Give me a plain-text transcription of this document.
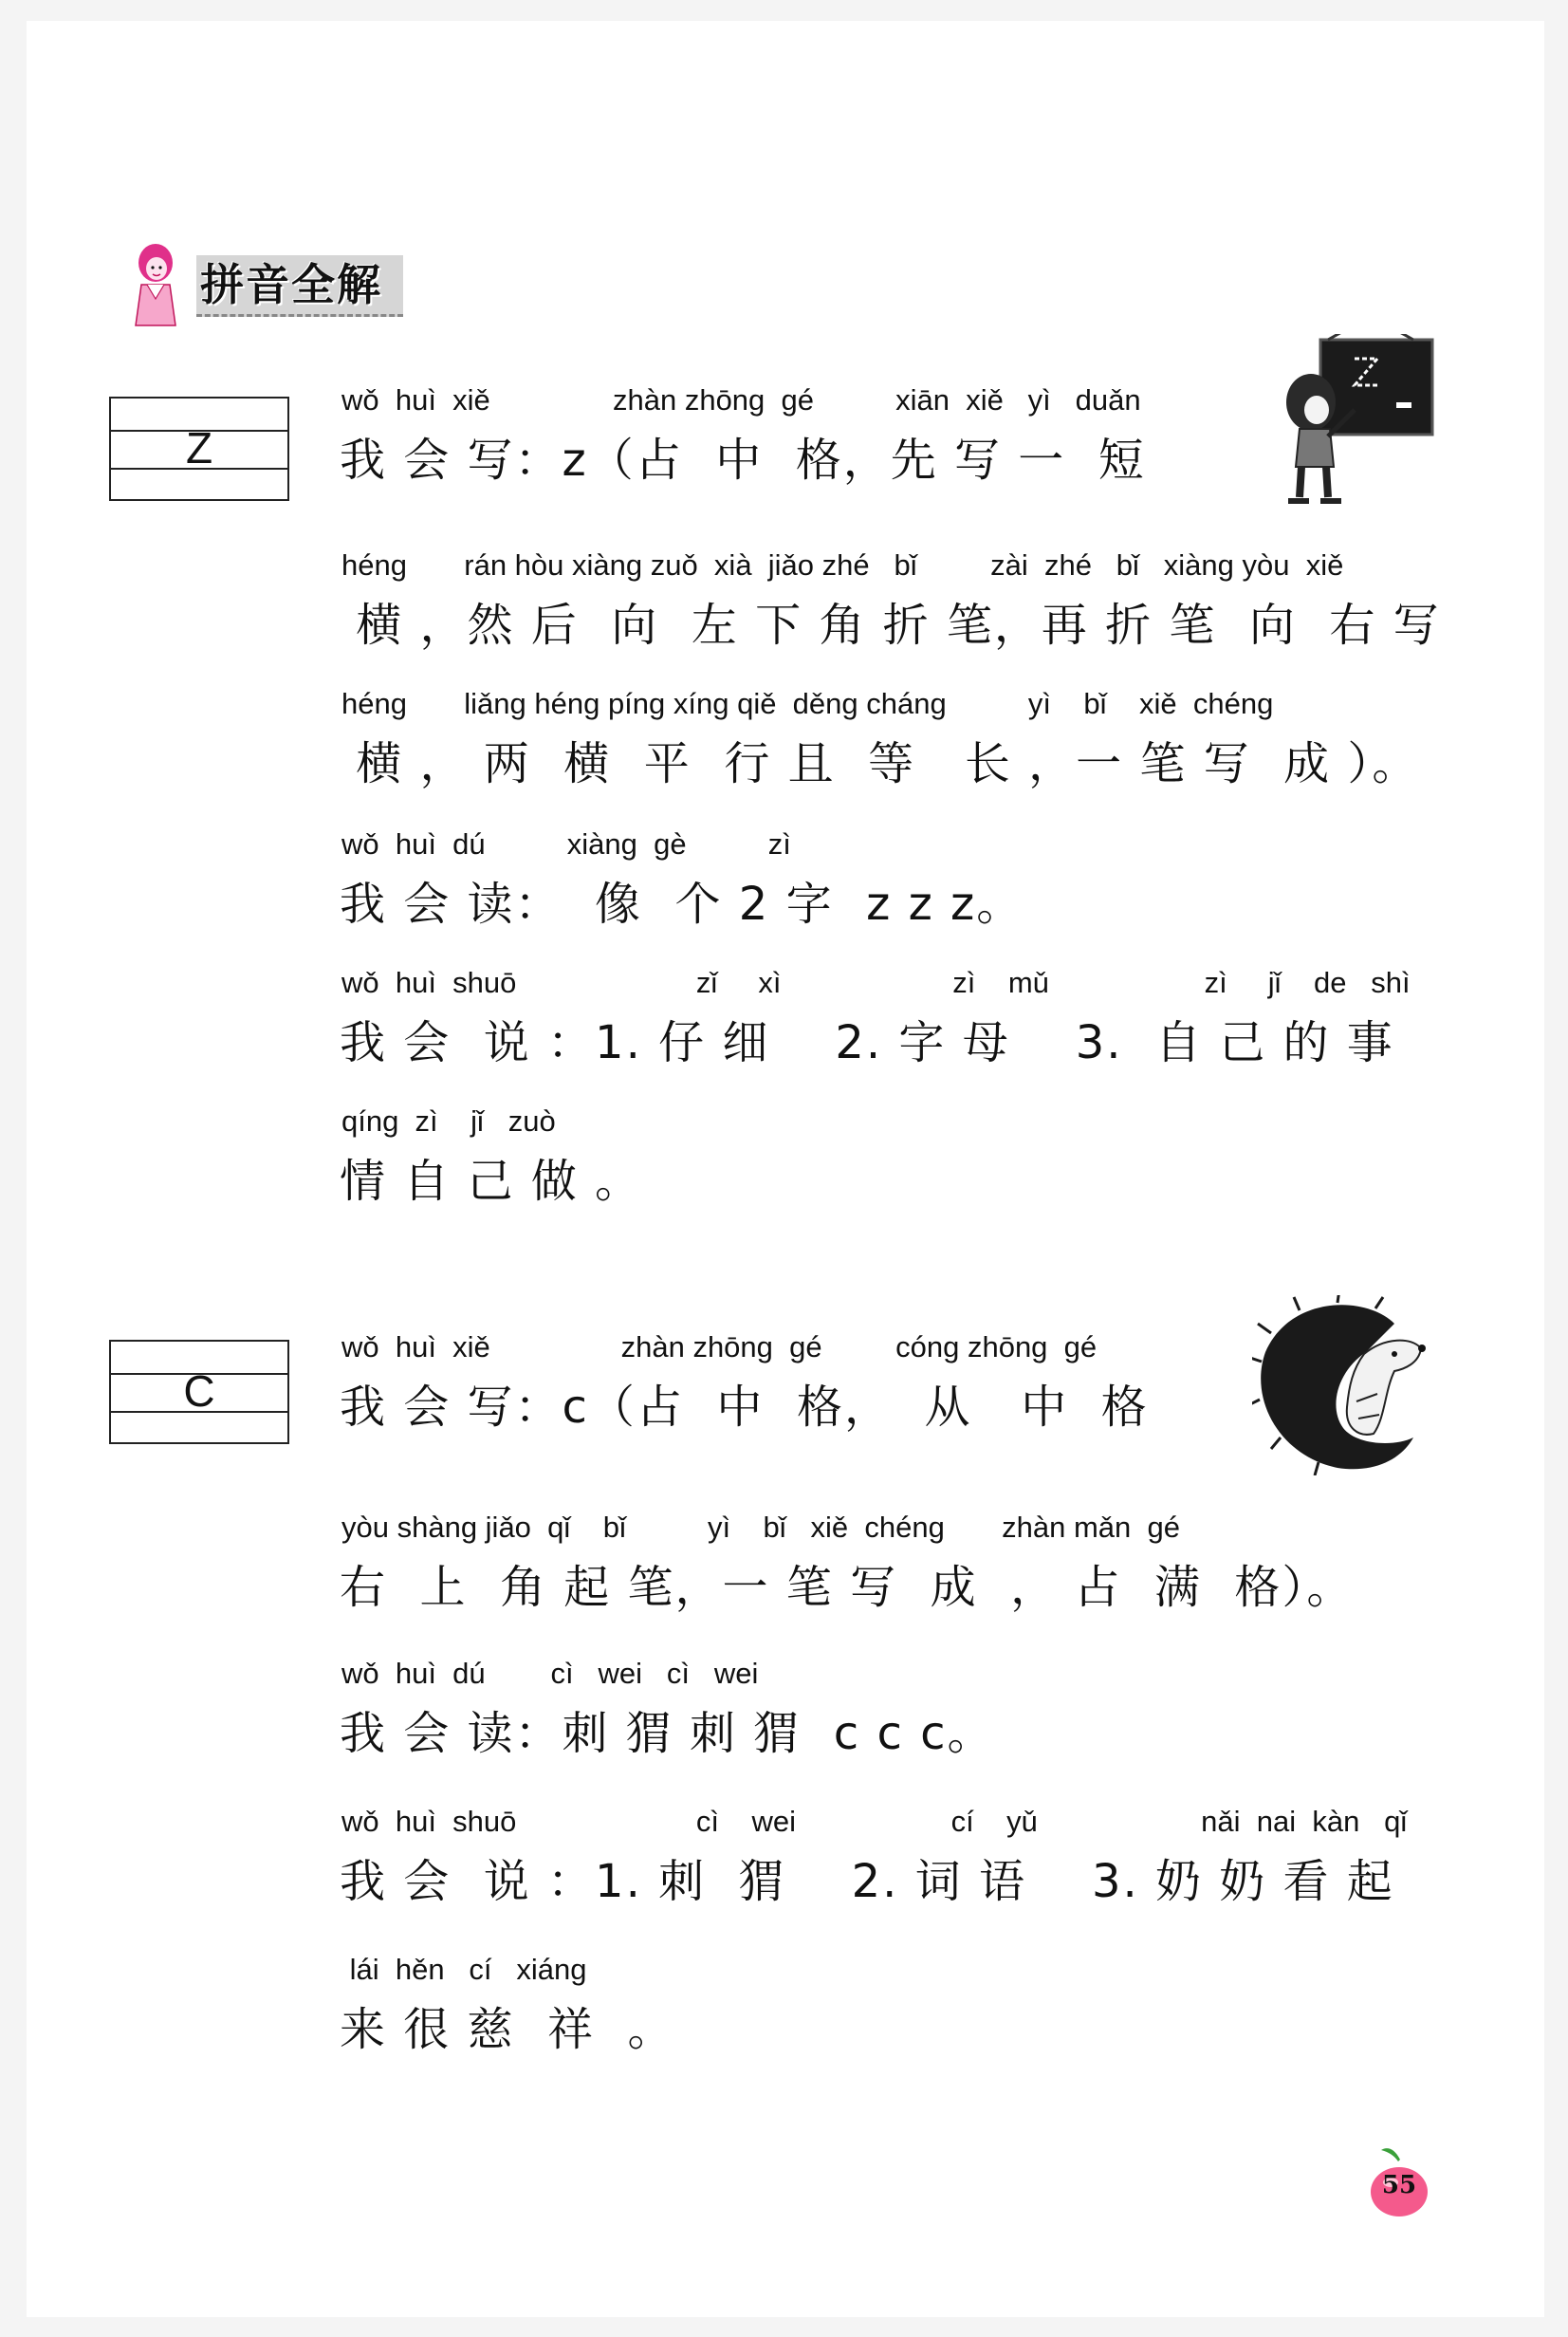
拼音全解
Z
wǒ  huì  xiě               zhàn zhōng  gé          xiān  xiě   yì   duǎn
我 会 写：z（占  中  格，先 写 一  短
héng       rán hòu xiàng zuǒ  xià  jiǎo zhé   bǐ         zài  zhé   bǐ   xiàng yòu  xiě
横 ，然 后  向  左 下 角 折 笔，再 折 笔  向  右 写
héng       liǎng héng píng xíng qiě  děng cháng          yì    bǐ    xiě  chéng
横 ， 两  横  平  行 且  等   长 ，一 笔 写  成 ）。
wǒ  huì  dú          xiàng  gè          zì
我 会 读：  像  个 2 字  z z z。
wǒ  huì  shuō                      zǐ     xì                     zì    mǔ                   zì     jǐ    de   shì
我 会  说 ：1. 仔 细    2. 字 母    3.  自 己 的 事
qíng  zì    jǐ   zuò
情 自 己 做 。
C
wǒ  huì  xiě                zhàn zhōng  gé         cóng zhōng  gé
我 会 写：c（占  中  格，  从   中  格
yòu shàng jiǎo  qǐ    bǐ          yì    bǐ   xiě  chéng       zhàn mǎn  gé
右  上  角 起 笔，一 笔 写  成  ， 占  满  格）。
wǒ  huì  dú        cì   wei   cì   wei
我 会 读：刺 猬 刺 猬  c c c。
wǒ  huì  shuō                      cì    wei                   cí    yǔ                    nǎi  nai  kàn   qǐ
我 会  说 ：1. 刺  猬    2. 词 语    3. 奶 奶 看 起
lái  hěn   cí   xiáng
来 很 慈  祥  。
55
